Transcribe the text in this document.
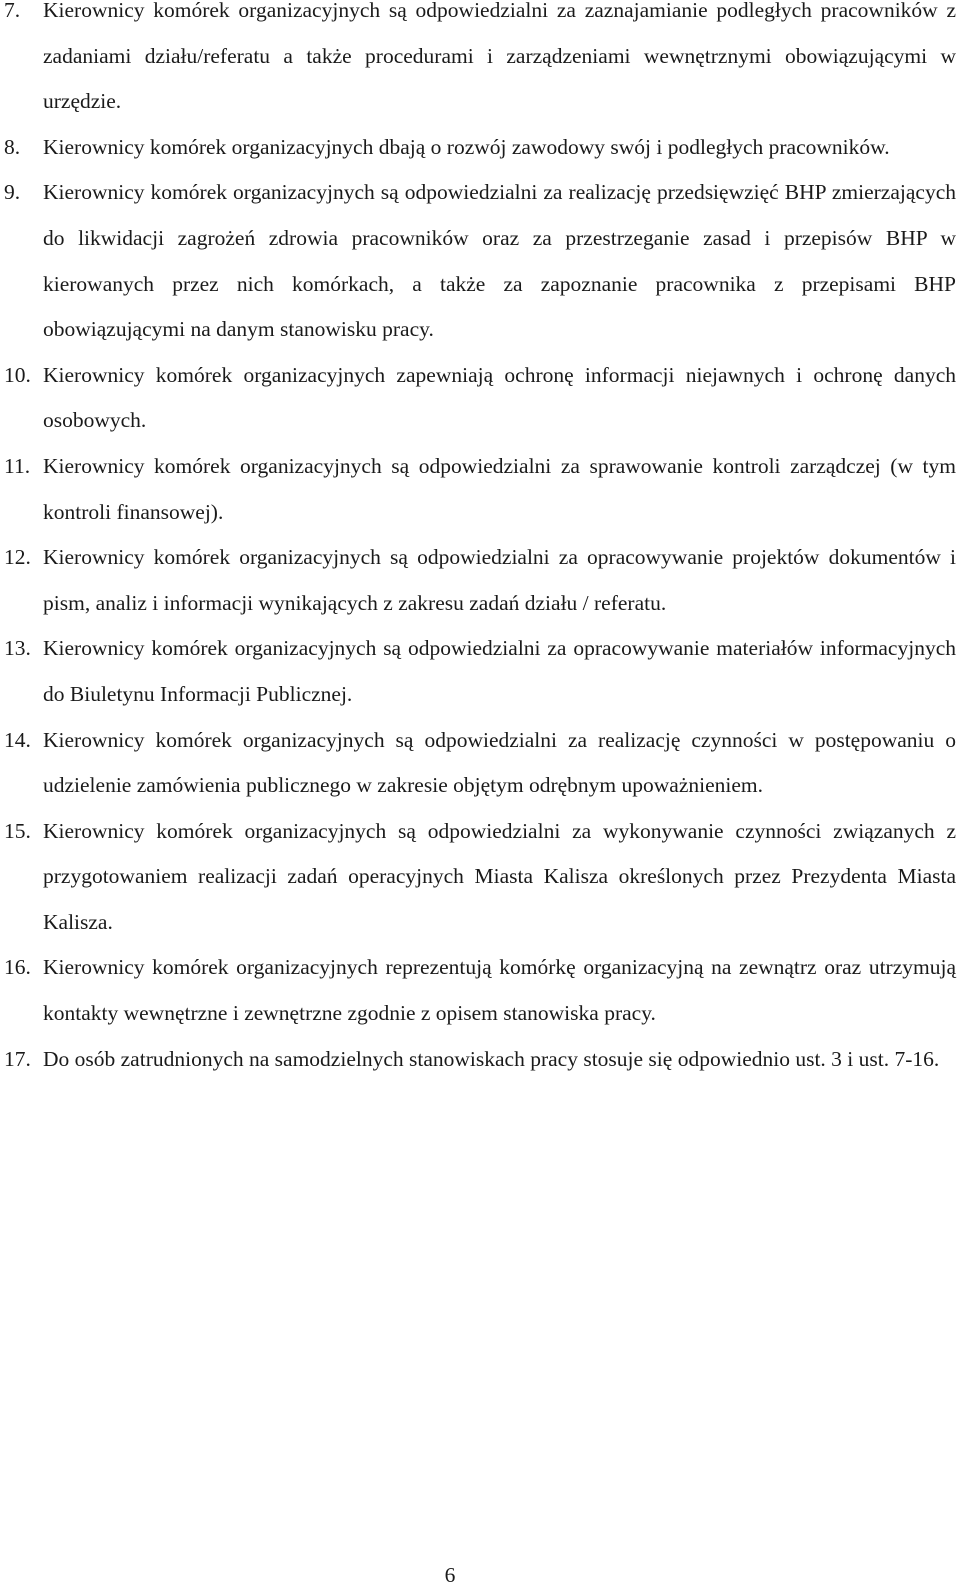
7.	Kierownicy komórek organizacyjnych są odpowiedzialni za zaznajamianie podległych pracowników z zadaniami działu/referatu a także procedurami i zarządzeniami wewnętrznymi obowiązującymi w urzędzie.
8.	Kierownicy komórek organizacyjnych dbają o rozwój zawodowy swój i podległych pracowników.
9.	Kierownicy komórek organizacyjnych są odpowiedzialni za realizację przedsięwzięć BHP zmierzających do likwidacji zagrożeń zdrowia pracowników oraz za przestrzeganie zasad i przepisów BHP w kierowanych przez nich komórkach, a także za zapoznanie pracownika z przepisami BHP obowiązującymi na danym stanowisku pracy.
10. Kierownicy komórek organizacyjnych zapewniają ochronę informacji niejawnych i ochronę danych osobowych.
11. Kierownicy komórek organizacyjnych są odpowiedzialni za sprawowanie kontroli zarządczej (w tym kontroli finansowej).
12. Kierownicy komórek organizacyjnych są odpowiedzialni za opracowywanie projektów dokumentów i pism, analiz i informacji wynikających z zakresu zadań działu / referatu.
13. Kierownicy komórek organizacyjnych są odpowiedzialni za opracowywanie materiałów informacyjnych do Biuletynu Informacji Publicznej.
14. Kierownicy komórek organizacyjnych są odpowiedzialni za realizację czynności w postępowaniu o udzielenie zamówienia publicznego w zakresie objętym odrębnym upoważnieniem.
15. Kierownicy komórek organizacyjnych są odpowiedzialni za wykonywanie czynności związanych z przygotowaniem realizacji zadań operacyjnych Miasta Kalisza określonych przez Prezydenta Miasta Kalisza.
16. Kierownicy komórek organizacyjnych reprezentują komórkę organizacyjną na zewnątrz oraz utrzymują kontakty wewnętrzne i zewnętrzne zgodnie z opisem stanowiska pracy.
17. Do osób zatrudnionych na samodzielnych stanowiskach pracy stosuje się odpowiednio ust. 3 i ust. 7-16.
6
